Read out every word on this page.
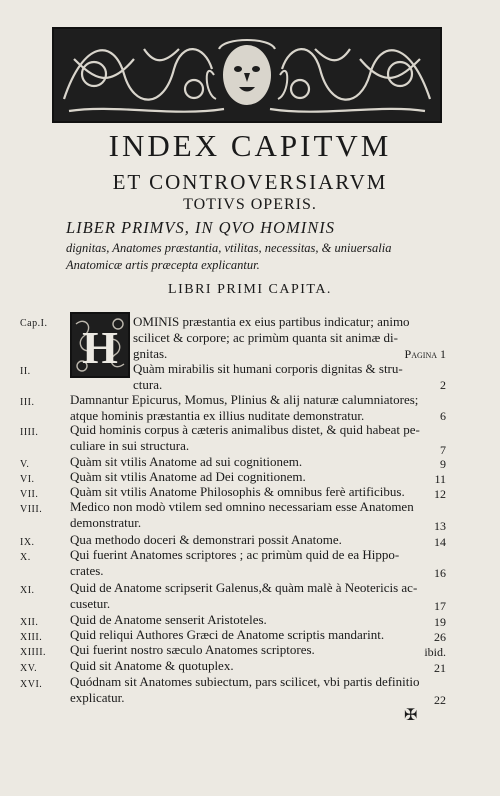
INDEX CAPITVM
ET CONTROVERSIARVM
TOTIVS OPERIS.
LIBER PRIMVS, IN QVO HOMINIS
dignitas, Anatomes præstantia, vtilitas, necessitas, & uniuersalia
Anatomicæ artis præcepta explicantur.
LIBRI PRIMI CAPITA.
H
Cap.I.	OMINIS præstantia ex eius partibus indicatur; animo
scilicet & corpore; ac primùm quanta sit animæ di-
gnitas.	Pagina 1
II.	Quàm mirabilis sit humani corporis dignitas & stru-
ctura.	2
III.	Damnantur Epicurus, Momus, Plinius & alij naturæ calumniatores;
atque hominis præstantia ex illius nuditate demonstratur.	6
IIII. Quid hominis corpus à cæteris animalibus distet, & quid habeat pe-
culiare in sui structura.	7
V.	Quàm sit vtilis Anatome ad sui cognitionem.	9
VI.	Quàm sit vtilis Anatome ad Dei cognitionem.	11
VII. Quàm sit vtilis Anatome Philosophis & omnibus ferè artificibus. 12
VIII. Medico non modò vtilem sed omnino necessariam esse Anatomen
demonstratur.	13
IX.	Qua methodo doceri & demonstrari possit Anatome.	14
X.	Qui fuerint Anatomes scriptores ; ac primùm quid de ea Hippo-
crates.	16
XI.	Quid de Anatome scripserit Galenus,& quàm malè à Neotericis ac-
cusetur.	17
XII. Quid de Anatome senserit Aristoteles.	19
XIII. Quid reliqui Authores Græci de Anatome scriptis mandarint.	26
XIIII. Qui fuerint nostro sæculo Anatomes scriptores.	ibid.
XV.	Quid sit Anatome & quotuplex.	21
XVI. Quódnam sit Anatomes subiectum, pars scilicet, vbi partis definitio
explicatur.	22
✠
